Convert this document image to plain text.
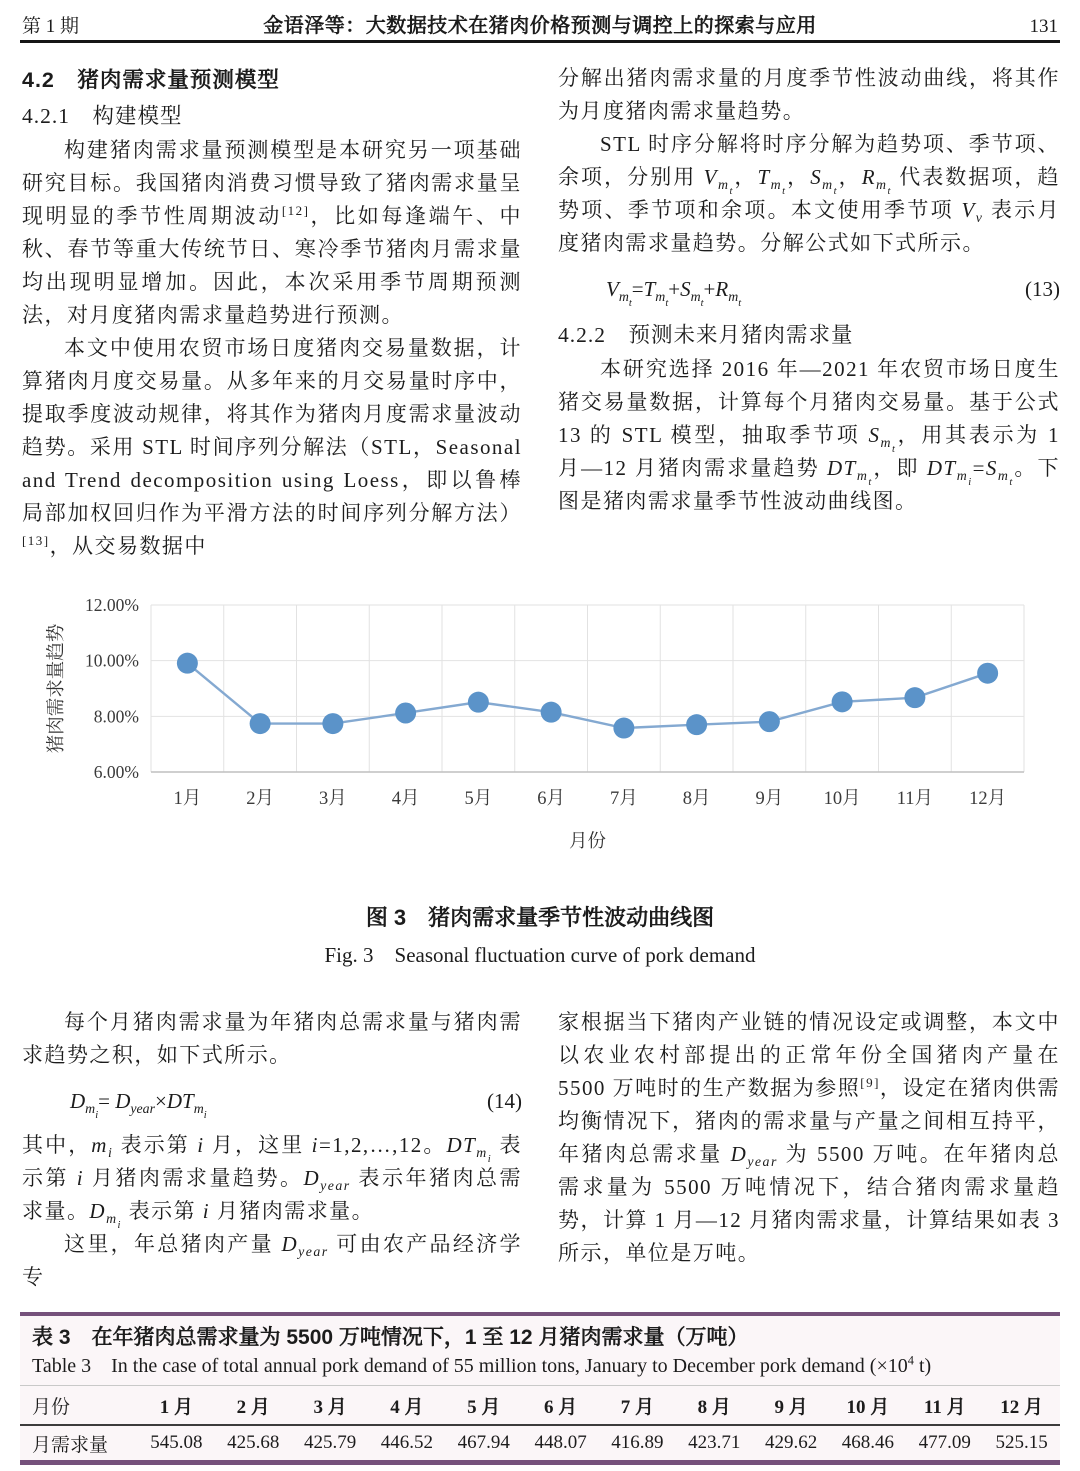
第 1 期	金语泽等：大数据技术在猪肉价格预测与调控上的探索与应用	131
4.2　猪肉需求量预测模型
4.2.1　构建模型
构建猪肉需求量预测模型是本研究另一项基础研究目标。我国猪肉消费习惯导致了猪肉需求量呈现明显的季节性周期波动[12]，比如每逢端午、中秋、春节等重大传统节日、寒冷季节猪肉月需求量均出现明显增加。因此，本次采用季节周期预测法，对月度猪肉需求量趋势进行预测。
本文中使用农贸市场日度猪肉交易量数据，计算猪肉月度交易量。从多年来的月交易量时序中，提取季度波动规律，将其作为猪肉月度需求量波动趋势。采用 STL 时间序列分解法（STL，Seasonal and Trend decomposition using Loess，即以鲁棒局部加权回归作为平滑方法的时间序列分解方法）[13]，从交易数据中
分解出猪肉需求量的月度季节性波动曲线，将其作为月度猪肉需求量趋势。
STL 时序分解将时序分解为趋势项、季节项、余项，分别用 $V_{mt}$，$T_{mt}$，$S_{mt}$，$R_{mt}$ 代表数据项，趋势项、季节项和余项。本文使用季节项 $V_v$ 表示月度猪肉需求量趋势。分解公式如下式所示。
$V_{mt}=T_{mt}+S_{mt}+R_{mt}$
(13)
4.2.2　预测未来月猪肉需求量
本研究选择 2016 年—2021 年农贸市场日度生猪交易量数据，计算每个月猪肉交易量。基于公式 13 的 STL 模型，抽取季节项 $S_{mt}$，用其表示为 1 月—12 月猪肉需求量趋势 $DT_{mt}$，即 $DT_{mi}=S_{mt}$。下图是猪肉需求量季节性波动曲线图。
6.00%
8.00%
10.00%
12.00%
1月 2月 3月 4月 5月 6月 7月 8月 9月 10月 11月 12月
猪肉需求量趋势
月份
图 3　猪肉需求量季节性波动曲线图
Fig. 3　Seasonal fluctuation curve of pork demand
每个月猪肉需求量为年猪肉总需求量与猪肉需求趋势之积，如下式所示。
$D_{mi}= D_{year}\times DT_{mi}$
(14)
其中，$m_i$ 表示第 i 月，这里 i=1,2,…,12。$DT_{mi}$ 表示第 i 月猪肉需求量趋势。$D_{year}$ 表示年猪肉总需求量。$D_{mi}$ 表示第 i 月猪肉需求量。
这里，年总猪肉产量 $D_{year}$ 可由农产品经济学专
家根据当下猪肉产业链的情况设定或调整，本文中以农业农村部提出的正常年份全国猪肉产量在 5500 万吨时的生产数据为参照[9]，设定在猪肉供需均衡情况下，猪肉的需求量与产量之间相互持平，年猪肉总需求量 $D_{year}$ 为 5500 万吨。在年猪肉总需求量为 5500 万吨情况下，结合猪肉需求量趋势，计算 1 月—12 月猪肉需求量，计算结果如表 3 所示，单位是万吨。
表 3　在年猪肉总需求量为 5500 万吨情况下，1 至 12 月猪肉需求量（万吨）
Table 3　In the case of total annual pork demand of 55 million tons, January to December pork demand ($\times 10^4$ t)
月份	1 月	2 月	3 月	4 月	5 月	6 月	7 月	8 月	9 月	10 月	11 月	12 月
月需求量	545.08	425.68	425.79	446.52	467.94	448.07	416.89	423.71	429.62	468.46	477.09	525.15
